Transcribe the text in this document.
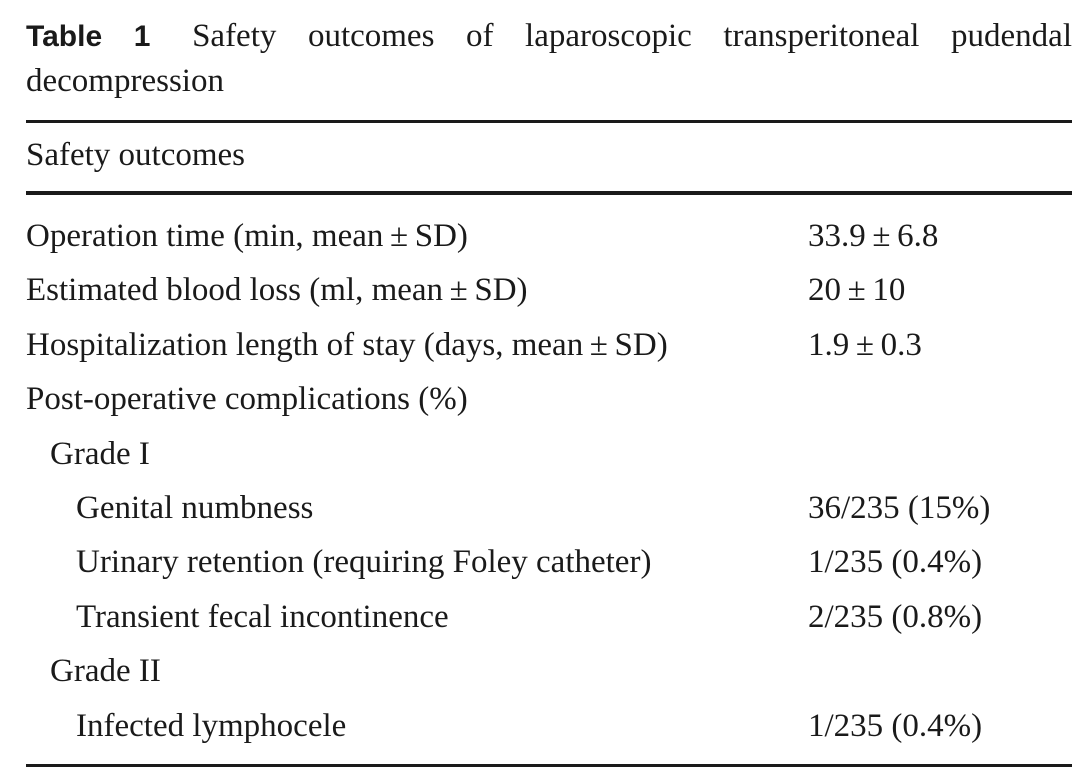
Table 1 Safety outcomes of laparoscopic transperitoneal pudendal decompression
Safety outcomes
Operation time (min, mean ± SD)	33.9 ± 6.8
Estimated blood loss (ml, mean ± SD)	20 ± 10
Hospitalization length of stay (days, mean ± SD)	1.9 ± 0.3
Post-operative complications (%)
Grade I
Genital numbness	36/235 (15%)
Urinary retention (requiring Foley catheter)	1/235 (0.4%)
Transient fecal incontinence	2/235 (0.8%)
Grade II
Infected lymphocele	1/235 (0.4%)
